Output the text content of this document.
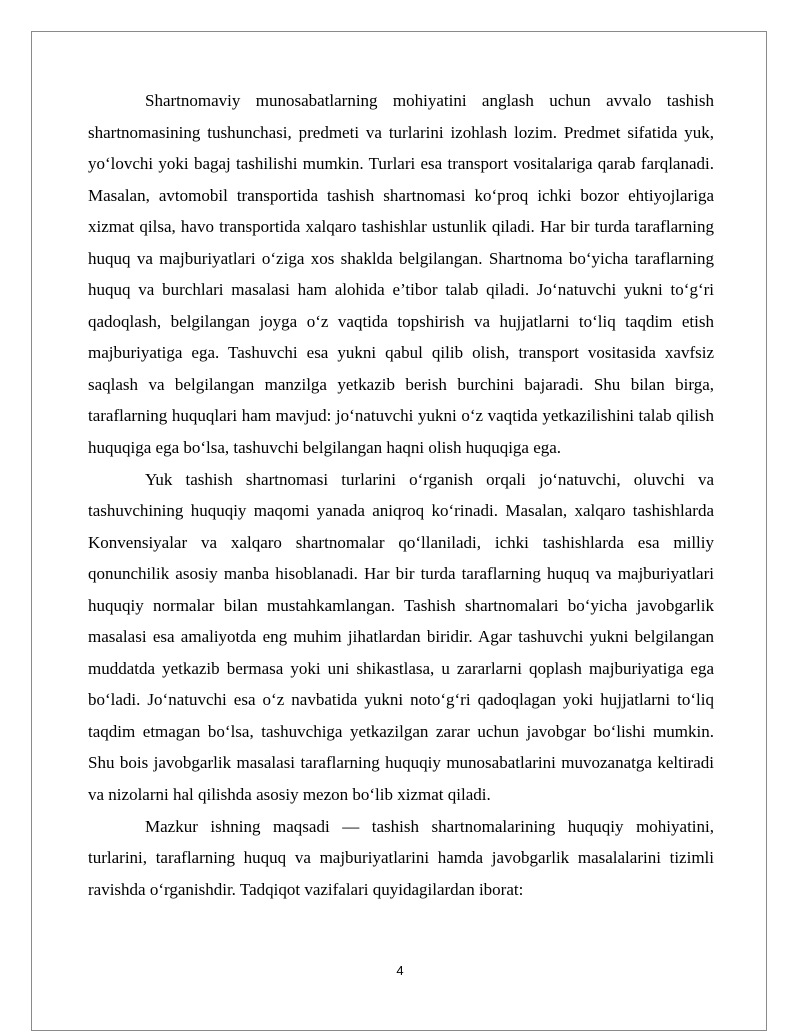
Shartnomaviy munosabatlarning mohiyatini anglash uchun avvalo tashish shartnomasining tushunchasi, predmeti va turlarini izohlash lozim. Predmet sifatida yuk, yo‘lovchi yoki bagaj tashilishi mumkin. Turlari esa transport vositalariga qarab farqlanadi. Masalan, avtomobil transportida tashish shartnomasi ko‘proq ichki bozor ehtiyojlariga xizmat qilsa, havo transportida xalqaro tashishlar ustunlik qiladi. Har bir turda taraflarning huquq va majburiyatlari o‘ziga xos shaklda belgilangan. Shartnoma bo‘yicha taraflarning huquq va burchlari masalasi ham alohida e’tibor talab qiladi. Jo‘natuvchi yukni to‘g‘ri qadoqlash, belgilangan joyga o‘z vaqtida topshirish va hujjatlarni to‘liq taqdim etish majburiyatiga ega. Tashuvchi esa yukni qabul qilib olish, transport vositasida xavfsiz saqlash va belgilangan manzilga yetkazib berish burchini bajaradi. Shu bilan birga, taraflarning huquqlari ham mavjud: jo‘natuvchi yukni o‘z vaqtida yetkazilishini talab qilish huquqiga ega bo‘lsa, tashuvchi belgilangan haqni olish huquqiga ega.

Yuk tashish shartnomasi turlarini o‘rganish orqali jo‘natuvchi, oluvchi va tashuvchining huquqiy maqomi yanada aniqroq ko‘rinadi. Masalan, xalqaro tashishlarda Konvensiyalar va xalqaro shartnomalar qo‘llaniladi, ichki tashishlarda esa milliy qonunchilik asosiy manba hisoblanadi. Har bir turda taraflarning huquq va majburiyatlari huquqiy normalar bilan mustahkamlangan. Tashish shartnomalari bo‘yicha javobgarlik masalasi esa amaliyotda eng muhim jihatlardan biridir. Agar tashuvchi yukni belgilangan muddatda yetkazib bermasa yoki uni shikastlasa, u zararlarni qoplash majburiyatiga ega bo‘ladi. Jo‘natuvchi esa o‘z navbatida yukni noto‘g‘ri qadoqlagan yoki hujjatlarni to‘liq taqdim etmagan bo‘lsa, tashuvchiga yetkazilgan zarar uchun javobgar bo‘lishi mumkin. Shu bois javobgarlik masalasi taraflarning huquqiy munosabatlarini muvozanatga keltiradi va nizolarni hal qilishda asosiy mezon bo‘lib xizmat qiladi.

Mazkur ishning maqsadi — tashish shartnomalarining huquqiy mohiyatini, turlarini, taraflarning huquq va majburiyatlarini hamda javobgarlik masalalarini tizimli ravishda o‘rganishdir. Tadqiqot vazifalari quyidagilardan iborat:

4
